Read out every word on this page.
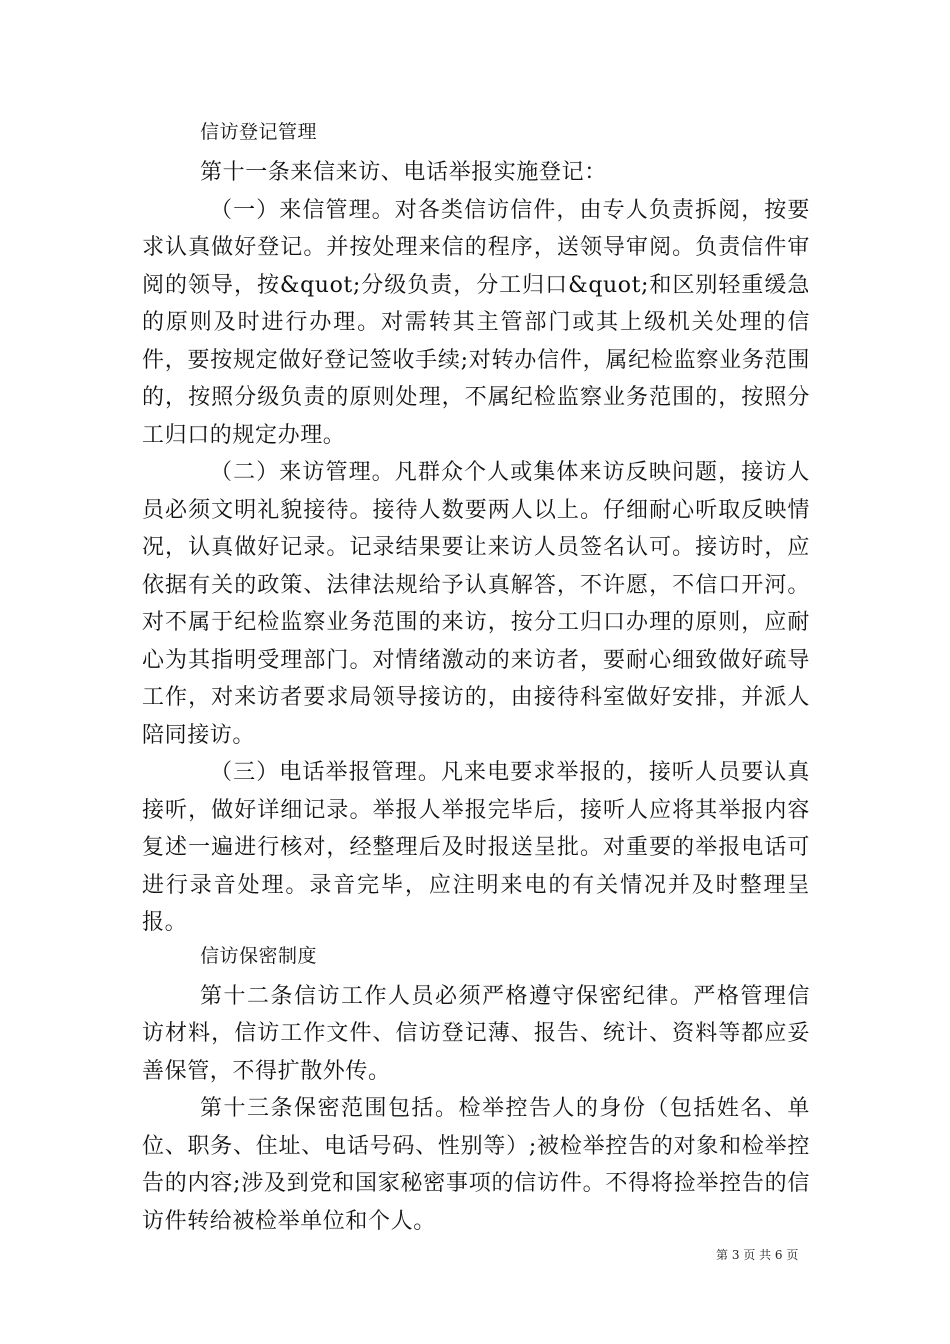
信访登记管理

第十一条来信来访、电话举报实施登记：

（一）来信管理。对各类信访信件，由专人负责拆阅，按要求认真做好登记。并按处理来信的程序，送领导审阅。负责信件审阅的领导，按&quot;分级负责，分工归口&quot;和区别轻重缓急的原则及时进行办理。对需转其主管部门或其上级机关处理的信件，要按规定做好登记签收手续;对转办信件，属纪检监察业务范围的，按照分级负责的原则处理，不属纪检监察业务范围的，按照分工归口的规定办理。

（二）来访管理。凡群众个人或集体来访反映问题，接访人员必须文明礼貌接待。接待人数要两人以上。仔细耐心听取反映情况，认真做好记录。记录结果要让来访人员签名认可。接访时，应依据有关的政策、法律法规给予认真解答，不许愿，不信口开河。对不属于纪检监察业务范围的来访，按分工归口办理的原则，应耐心为其指明受理部门。对情绪激动的来访者，要耐心细致做好疏导工作，对来访者要求局领导接访的，由接待科室做好安排，并派人陪同接访。

（三）电话举报管理。凡来电要求举报的，接听人员要认真接听，做好详细记录。举报人举报完毕后，接听人应将其举报内容复述一遍进行核对，经整理后及时报送呈批。对重要的举报电话可进行录音处理。录音完毕，应注明来电的有关情况并及时整理呈报。

信访保密制度

第十二条信访工作人员必须严格遵守保密纪律。严格管理信访材料，信访工作文件、信访登记薄、报告、统计、资料等都应妥善保管，不得扩散外传。

第十三条保密范围包括。检举控告人的身份（包括姓名、单位、职务、住址、电话号码、性别等）;被检举控告的对象和检举控告的内容;涉及到党和国家秘密事项的信访件。不得将捡举控告的信访件转给被检举单位和个人。

第 3 页 共 6 页
